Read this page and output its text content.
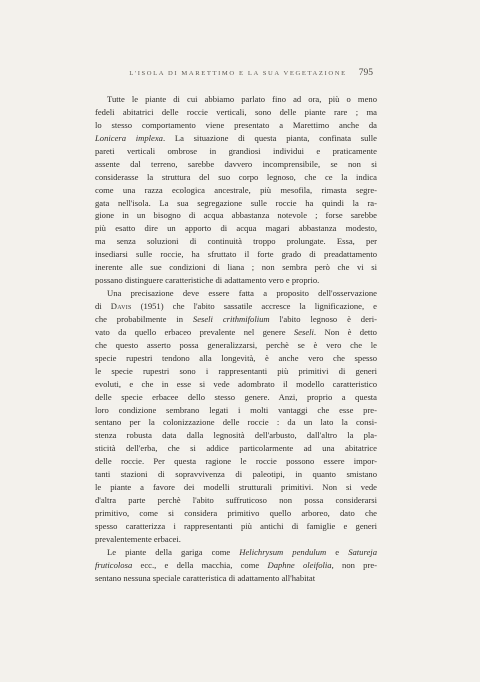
L'ISOLA DI MARETTIMO E LA SUA VEGETAZIONE	795
Tutte le piante di cui abbiamo parlato fino ad ora, più o meno
fedeli abitatrici delle roccie verticali, sono delle piante rare ; ma
lo stesso comportamento viene presentato a Marettimo anche da
Lonicera implexa. La situazione di questa pianta, confinata sulle
pareti verticali ombrose in grandiosi individui e praticamente
assente dal terreno, sarebbe davvero incomprensibile, se non si
considerasse la struttura del suo corpo legnoso, che ce la indica
come una razza ecologica ancestrale, più mesofila, rimasta segre-
gata nell'isola. La sua segregazione sulle roccie ha quindi la ra-
gione in un bisogno di acqua abbastanza notevole ; forse sarebbe
più esatto dire un apporto di acqua magari abbastanza modesto,
ma senza soluzioni di continuità troppo prolungate. Essa, per
insediarsi sulle roccie, ha sfruttato il forte grado di preadattamento
inerente alle sue condizioni di liana ; non sembra però che vi si
possano distinguere caratteristiche di adattamento vero e proprio.
Una precisazione deve essere fatta a proposito dell'osservazione
di Davis (1951) che l'abito sassatile accresce la lignificazione, e
che probabilmente in Seseli crithmifolium l'abito legnoso è deri-
vato da quello erbaceo prevalente nel genere Seseli. Non è detto
che questo asserto possa generalizzarsi, perchè se è vero che le
specie rupestri tendono alla longevità, è anche vero che spesso
le specie rupestri sono i rappresentanti più primitivi di generi
evoluti, e che in esse si vede adombrato il modello caratteristico
delle specie erbacee dello stesso genere. Anzi, proprio a questa
loro condizione sembrano legati i molti vantaggi che esse pre-
sentano per la colonizzazione delle roccie : da un lato la consi-
stenza robusta data dalla legnosità dell'arbusto, dall'altro la pla-
sticità dell'erba, che si addice particolarmente ad una abitatrice
delle roccie. Per questa ragione le roccie possono essere impor-
tanti stazioni di sopravvivenza di paleotipi, in quanto smistano
le piante a favore dei modelli strutturali primitivi. Non si vede
d'altra parte perchè l'abito suffruticoso non possa considerarsi
primitivo, come si considera primitivo quello arboreo, dato che
spesso caratterizza i rappresentanti più antichi di famiglie e generi
prevalentemente erbacei.
Le piante della gariga come Helichrysum pendulum e Satureja
fruticolosa ecc., e della macchia, come Daphne oleifolia, non pre-
sentano nessuna speciale caratteristica di adattamento all'habitat
